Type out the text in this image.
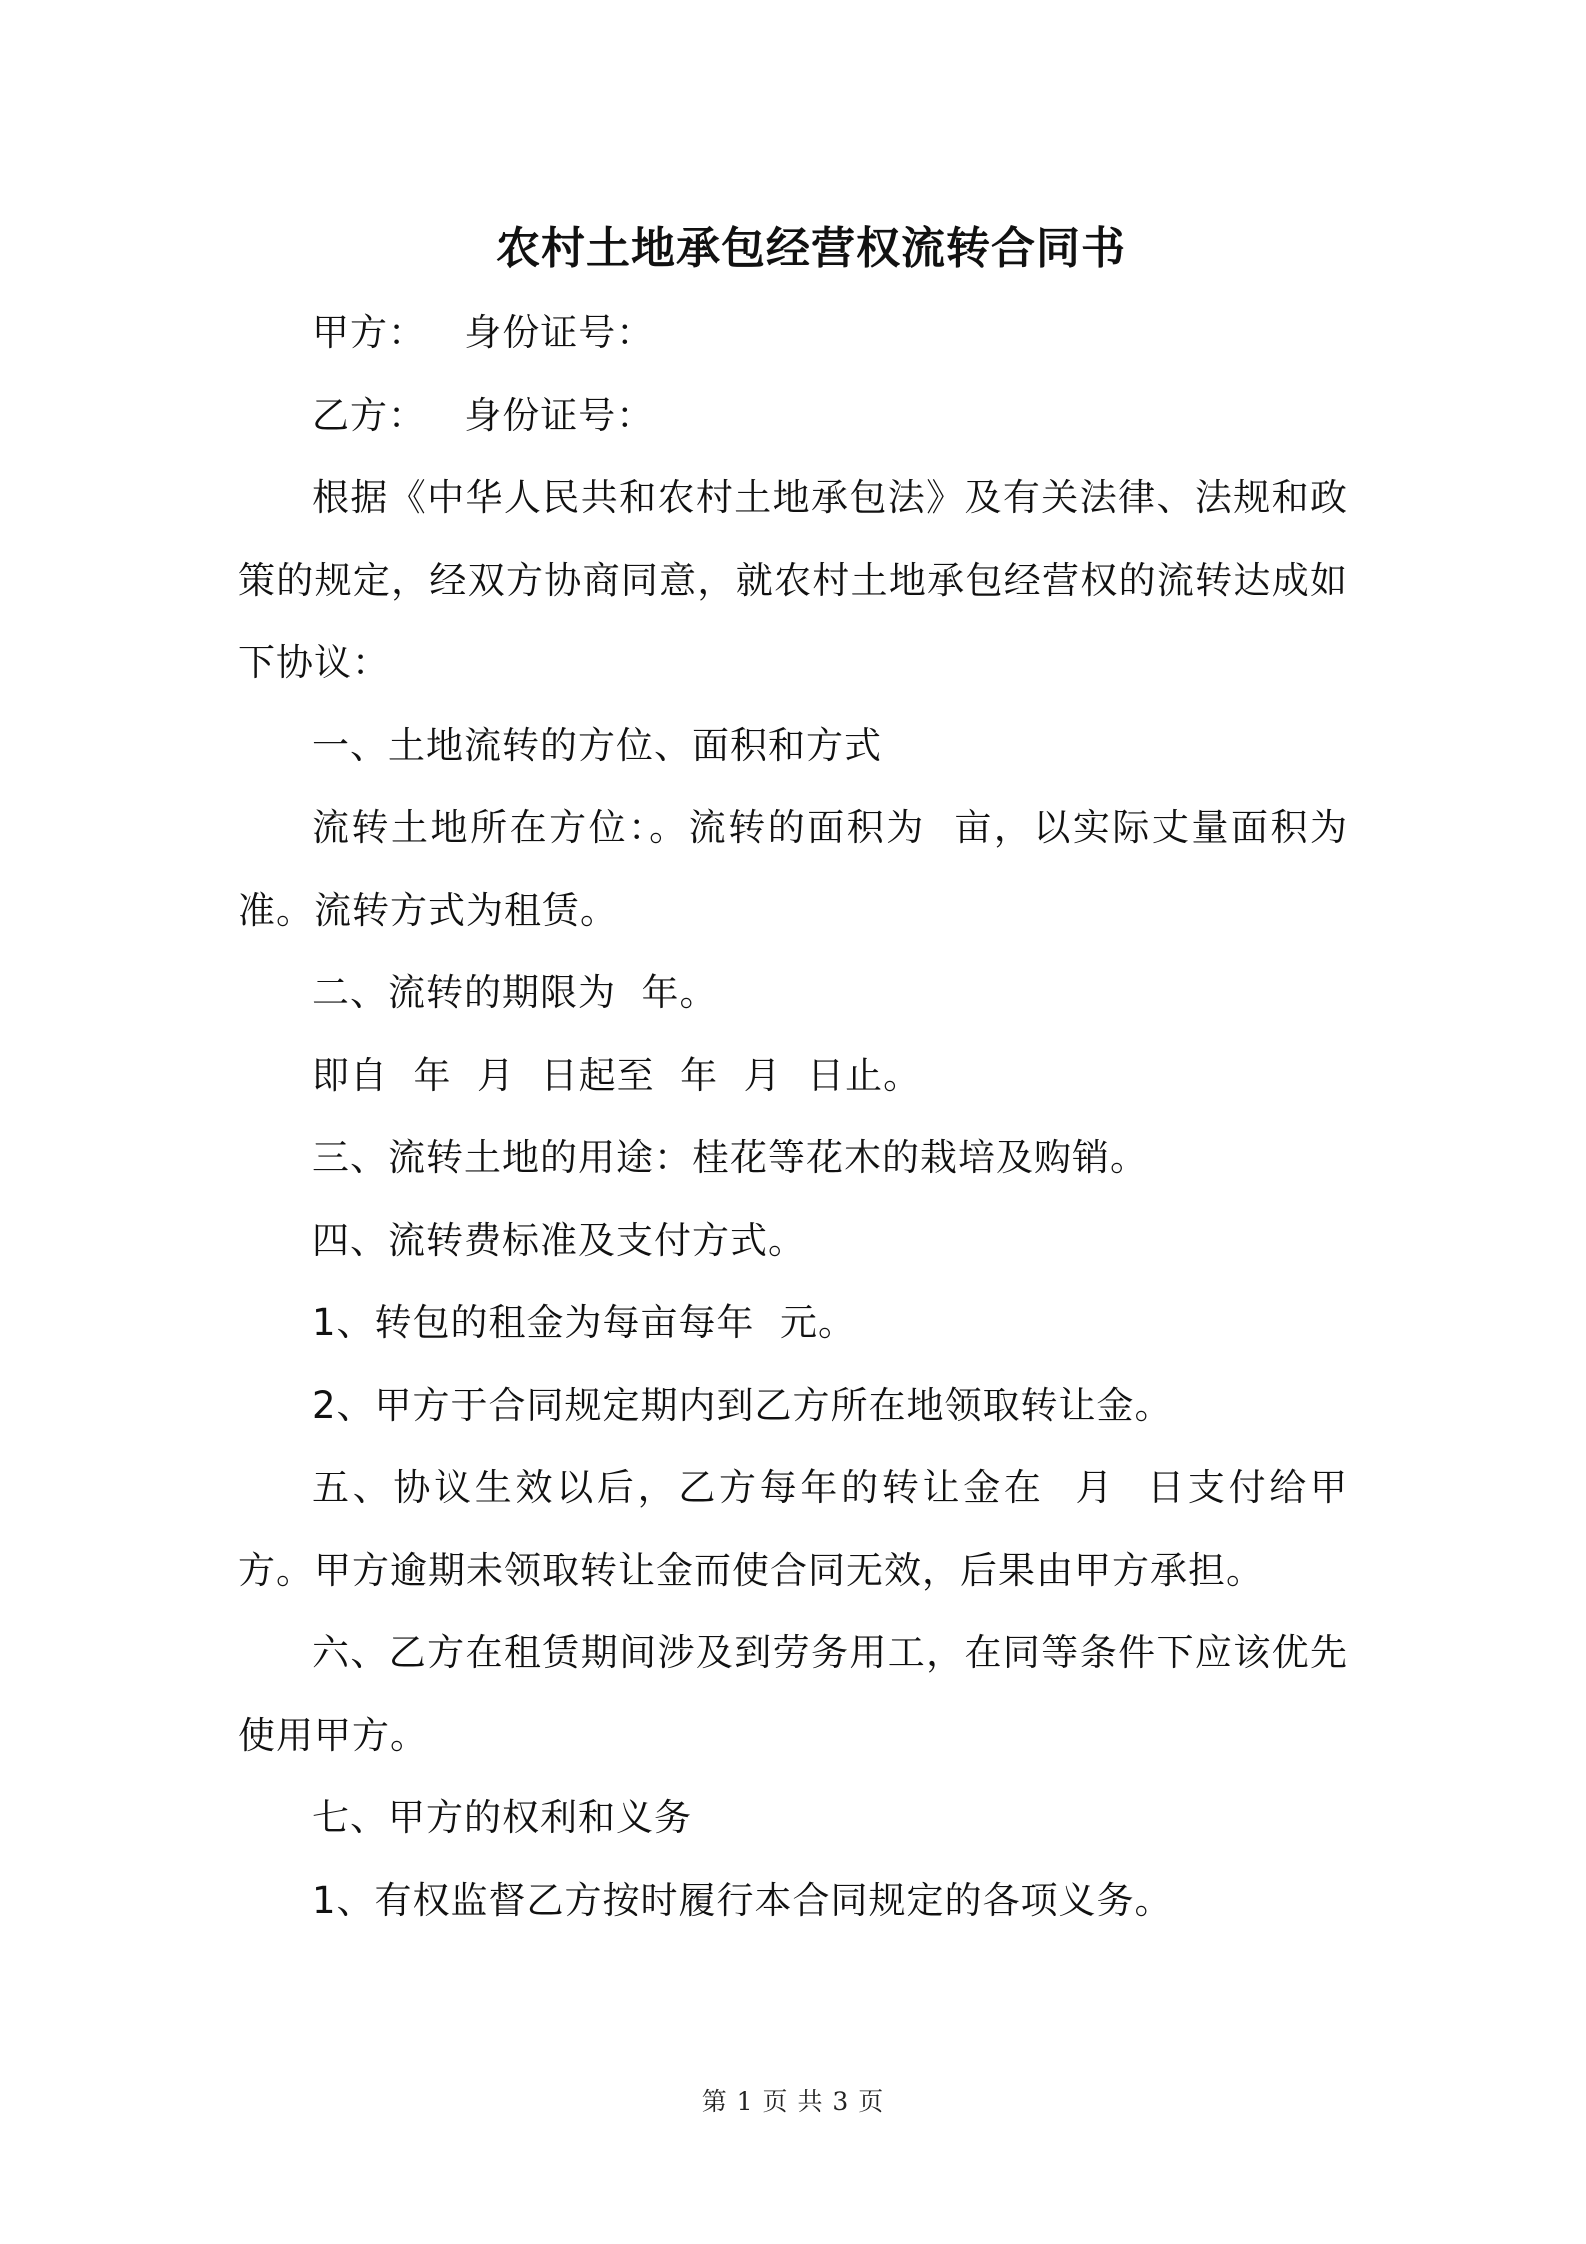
农村土地承包经营权流转合同书

甲方：   身份证号：

乙方：   身份证号：

根据《中华人民共和农村土地承包法》及有关法律、法规和政策的规定，经双方协商同意，就农村土地承包经营权的流转达成如下协议：

一、土地流转的方位、面积和方式

流转土地所在方位：。流转的面积为  亩，以实际丈量面积为准。流转方式为租赁。

二、流转的期限为  年。

即自  年  月  日起至  年  月  日止。

三、流转土地的用途：桂花等花木的栽培及购销。

四、流转费标准及支付方式。

1、转包的租金为每亩每年  元。

2、甲方于合同规定期内到乙方所在地领取转让金。

五、协议生效以后，乙方每年的转让金在  月  日支付给甲方。甲方逾期未领取转让金而使合同无效，后果由甲方承担。

六、乙方在租赁期间涉及到劳务用工，在同等条件下应该优先使用甲方。

七、甲方的权利和义务

1、有权监督乙方按时履行本合同规定的各项义务。

第 1 页 共 3 页
